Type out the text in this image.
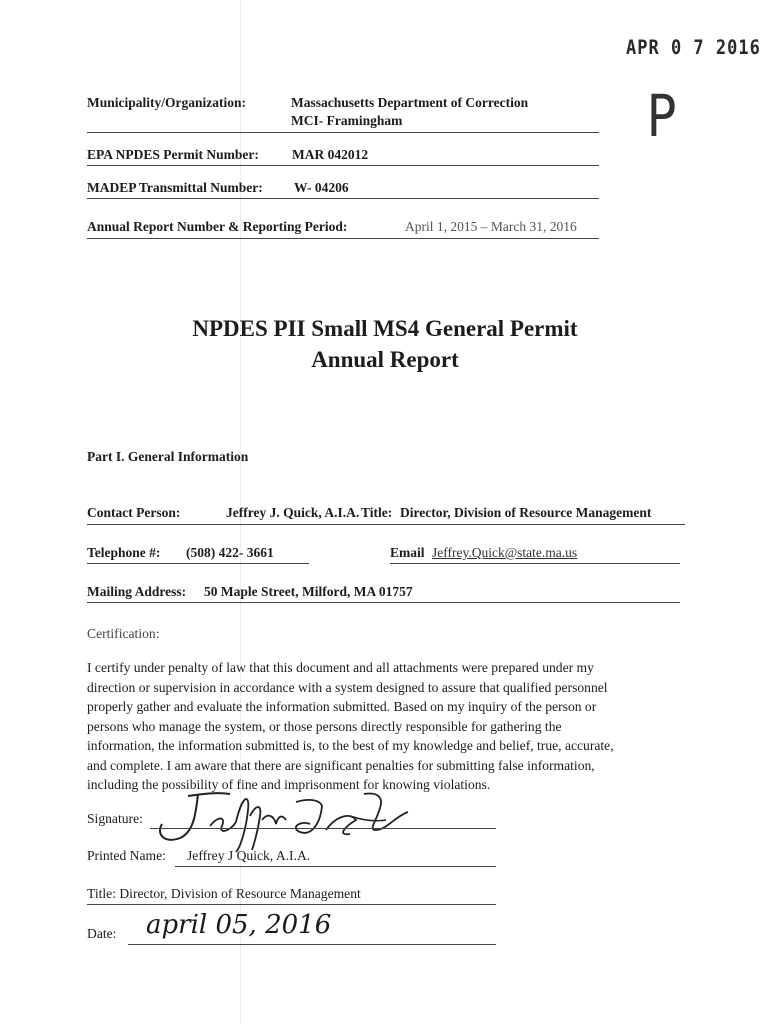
APR 0 7 2016
P
Municipality/Organization:	Massachusetts Department of Correction
MCI- Framingham
EPA NPDES Permit Number: MAR 042012
MADEP Transmittal Number: W- 04206
Annual Report Number & Reporting Period:	April 1, 2015 – March 31, 2016
NPDES PII Small MS4 General Permit
Annual Report
Part I. General Information
Contact Person:	Jeffrey J. Quick, A.I.A. Title: Director, Division of Resource Management
Telephone #: (508) 422- 3661	Email Jeffrey.Quick@state.ma.us
Mailing Address: 50 Maple Street, Milford, MA 01757
Certification:
I certify under penalty of law that this document and all attachments were prepared under my
direction or supervision in accordance with a system designed to assure that qualified personnel
properly gather and evaluate the information submitted. Based on my inquiry of the person or
persons who manage the system, or those persons directly responsible for gathering the
information, the information submitted is, to the best of my knowledge and belief, true, accurate,
and complete. I am aware that there are significant penalties for submitting false information,
including the possibility of fine and imprisonment for knowing violations.
Signature:
Printed Name: Jeffrey J Quick, A.I.A.
Title: Director, Division of Resource Management
Date: april 05, 2016
